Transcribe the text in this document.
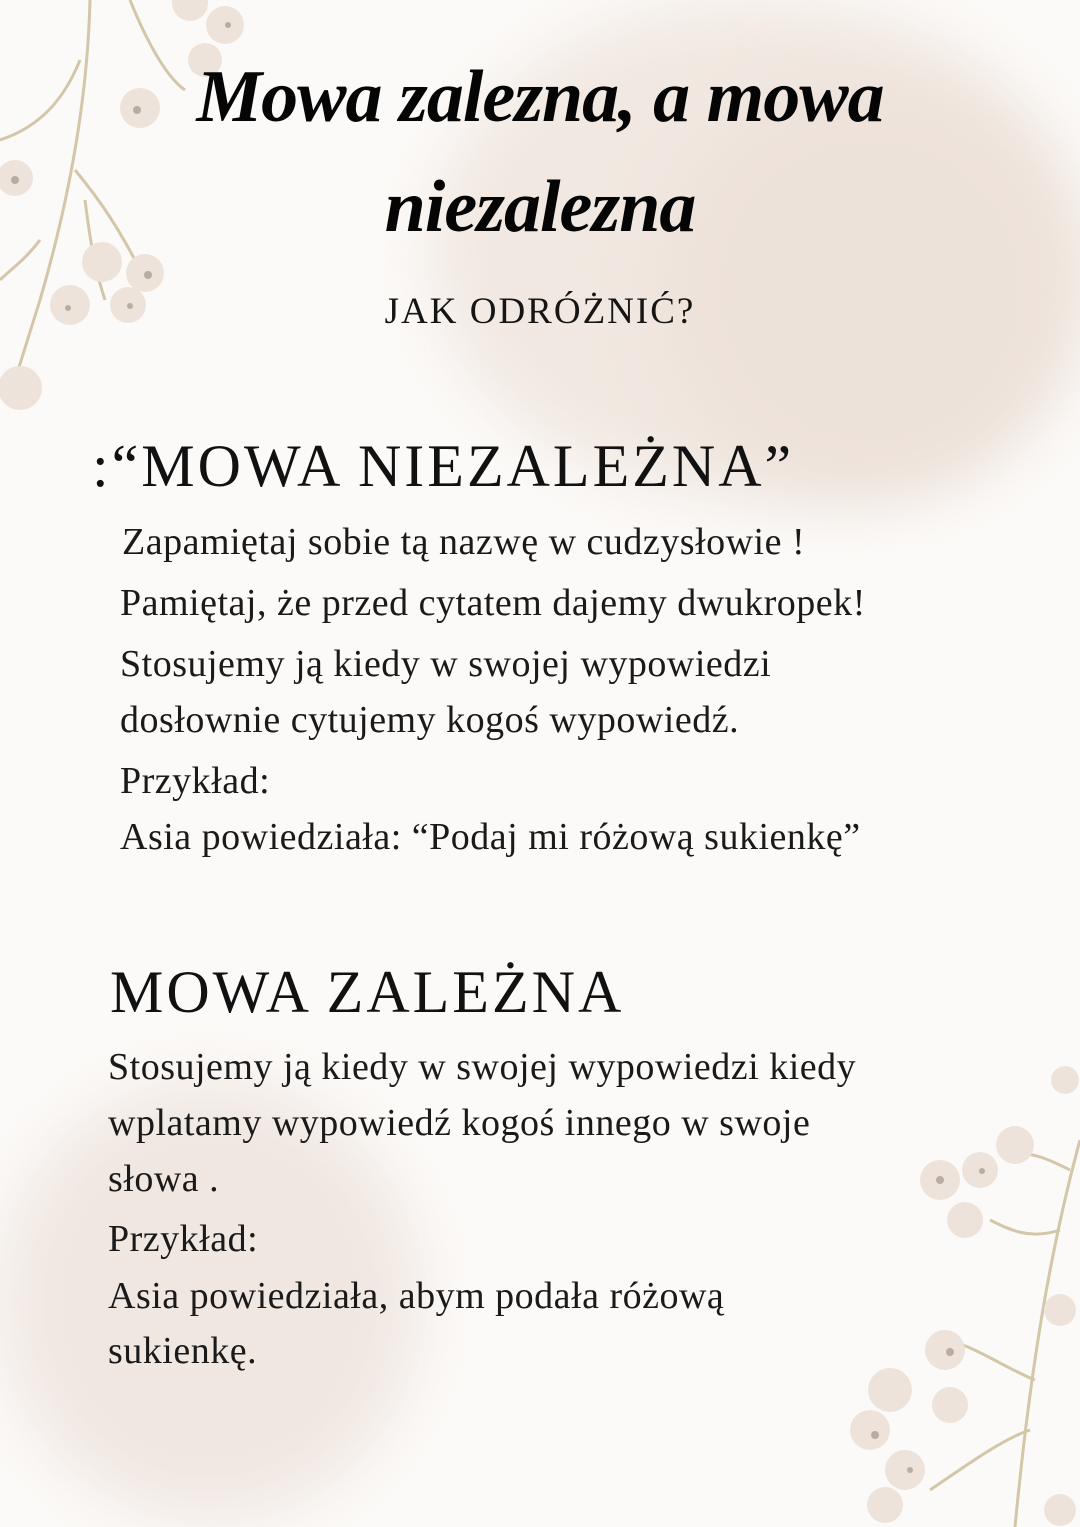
Mowa zalezna, a mowa
niezalezna
JAK ODRÓŻNIĆ?
:“MOWA NIEZALEŻNA”
Zapamiętaj sobie tą nazwę w cudzysłowie !
Pamiętaj, że przed cytatem dajemy dwukropek!
Stosujemy ją kiedy w swojej wypowiedzi
dosłownie cytujemy kogoś wypowiedź.
Przykład:
Asia powiedziała: “Podaj mi różową sukienkę”
MOWA ZALEŻNA
Stosujemy ją kiedy w swojej wypowiedzi kiedy
wplatamy wypowiedź kogoś innego w swoje
słowa .
Przykład:
Asia powiedziała, abym podała różową
sukienkę.
